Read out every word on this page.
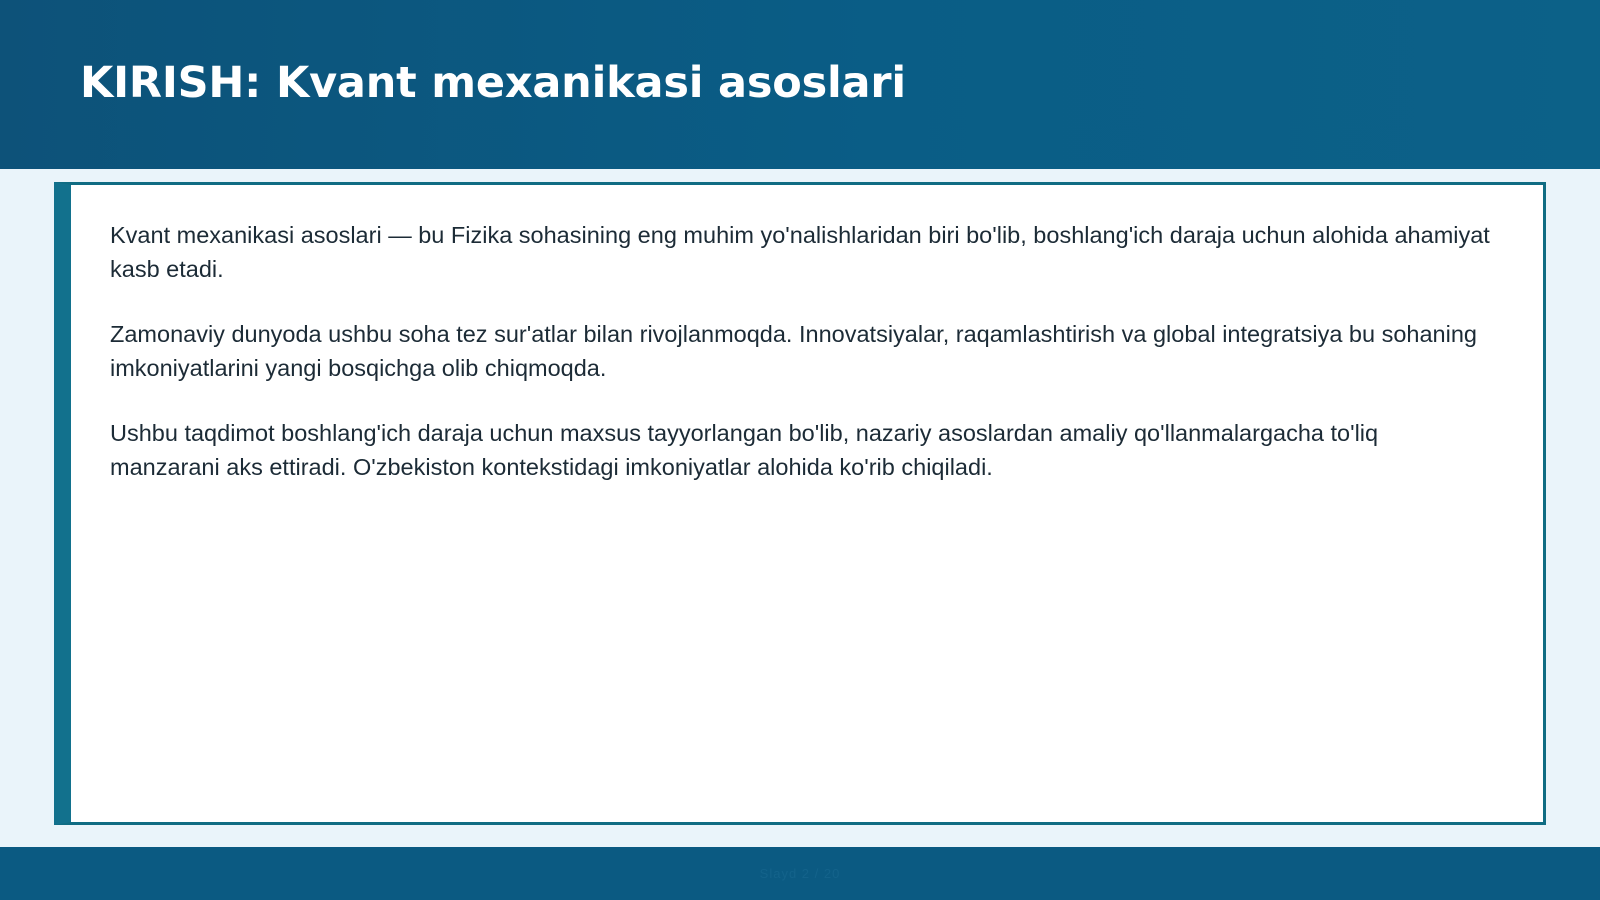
KIRISH: Kvant mexanikasi asoslari

Kvant mexanikasi asoslari — bu Fizika sohasining eng muhim yo'nalishlaridan biri bo'lib, boshlang'ich daraja uchun alohida ahamiyat kasb etadi.

Zamonaviy dunyoda ushbu soha tez sur'atlar bilan rivojlanmoqda. Innovatsiyalar, raqamlashtirish va global integratsiya bu sohaning imkoniyatlarini yangi bosqichga olib chiqmoqda.

Ushbu taqdimot boshlang'ich daraja uchun maxsus tayyorlangan bo'lib, nazariy asoslardan amaliy qo'llanmalargacha to'liq manzarani aks ettiradi. O'zbekiston kontekstidagi imkoniyatlar alohida ko'rib chiqiladi.

Slayd 2 / 20
